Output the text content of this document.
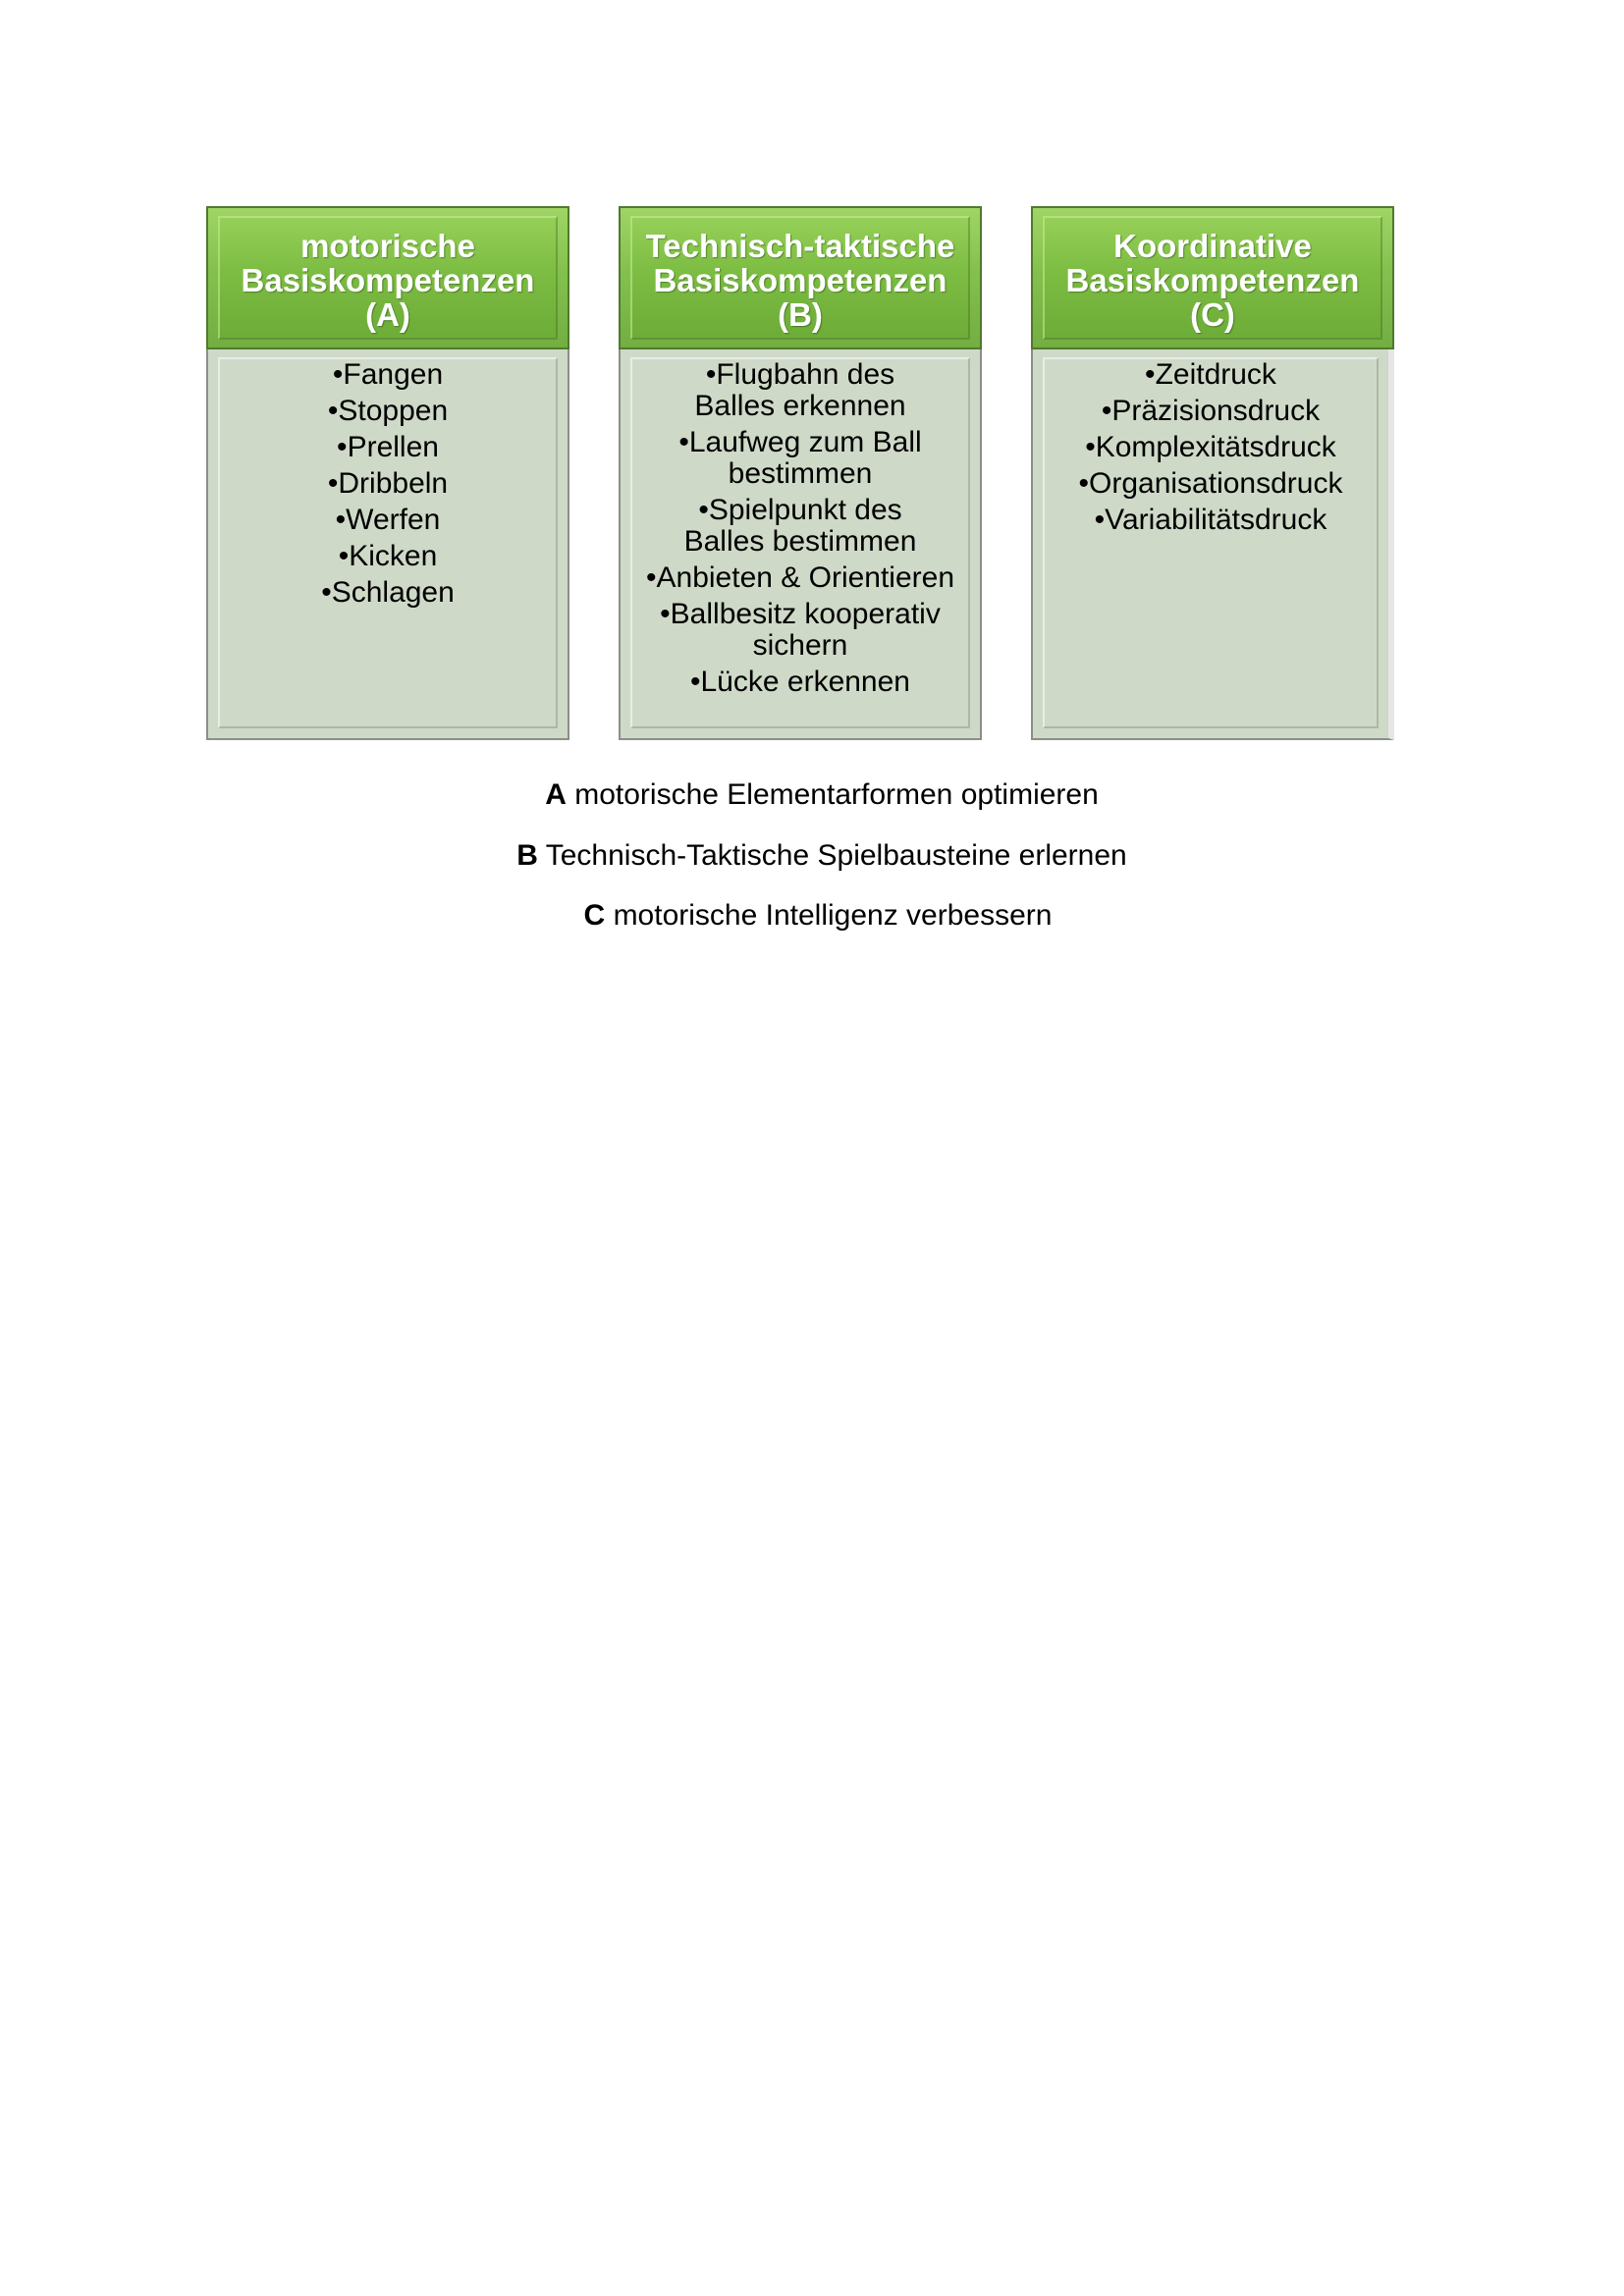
motorische
Basiskompetenzen
(A)
• Fangen
• Stoppen
• Prellen
• Dribbeln
• Werfen
• Kicken
• Schlagen
Technisch-taktische
Basiskompetenzen
(B)
• Flugbahn des Balles erkennen
• Laufweg zum Ball bestimmen
• Spielpunkt des Balles bestimmen
• Anbieten & Orientieren
• Ballbesitz kooperativ sichern
• Lücke erkennen
Koordinative
Basiskompetenzen
(C)
• Zeitdruck
• Präzisionsdruck
• Komplexitätsdruck
• Organisationsdruck
• Variabilitätsdruck
A motorische Elementarformen optimieren
B Technisch-Taktische Spielbausteine erlernen
C motorische Intelligenz verbessern
